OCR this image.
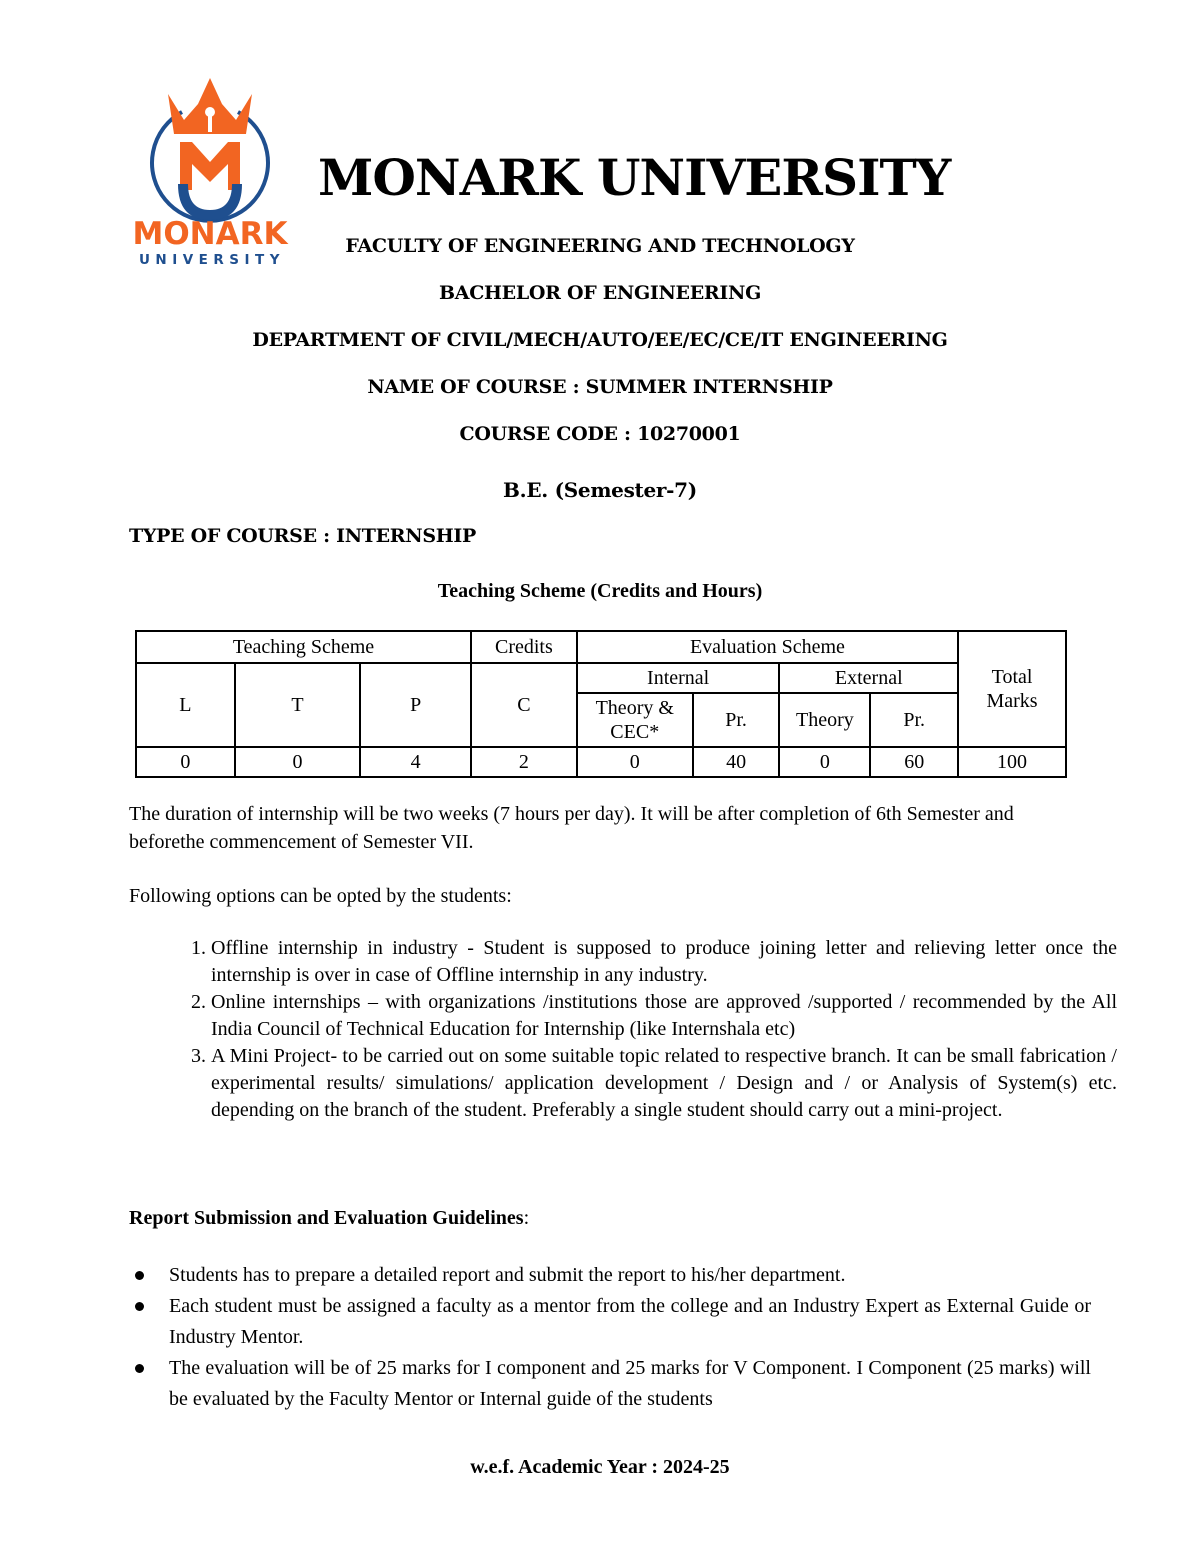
MONARK
UNIVERSITY
MONARK UNIVERSITY
FACULTY OF ENGINEERING AND TECHNOLOGY
BACHELOR OF ENGINEERING
DEPARTMENT OF CIVIL/MECH/AUTO/EE/EC/CE/IT ENGINEERING
NAME OF COURSE : SUMMER INTERNSHIP
COURSE CODE : 10270001
B.E. (Semester-7)
TYPE OF COURSE : INTERNSHIP
Teaching Scheme (Credits and Hours)
Teaching Scheme			Credits	Evaluation Scheme				Total Marks
L	T	P	C	Internal		External		
				Theory & CEC*	Pr.	Theory	Pr.	
0	0	4	2	0	40	0	60	100
The duration of internship will be two weeks (7 hours per day). It will be after completion of 6th Semester and beforethe commencement of Semester VII.
Following options can be opted by the students:
1. Offline internship in industry - Student is supposed to produce joining letter and relieving letter once the internship is over in case of Offline internship in any industry.
2. Online internships – with organizations /institutions those are approved /supported / recommended by the All India Council of Technical Education for Internship (like Internshala etc)
3. A Mini Project- to be carried out on some suitable topic related to respective branch. It can be small fabrication / experimental results/ simulations/ application development / Design and / or Analysis of System(s) etc. depending on the branch of the student. Preferably a single student should carry out a mini-project.
Report Submission and Evaluation Guidelines:
Students has to prepare a detailed report and submit the report to his/her department.
Each student must be assigned a faculty as a mentor from the college and an Industry Expert as External Guide or Industry Mentor.
The evaluation will be of 25 marks for I component and 25 marks for V Component. I Component (25 marks) will be evaluated by the Faculty Mentor or Internal guide of the students
w.e.f. Academic Year : 2024-25
